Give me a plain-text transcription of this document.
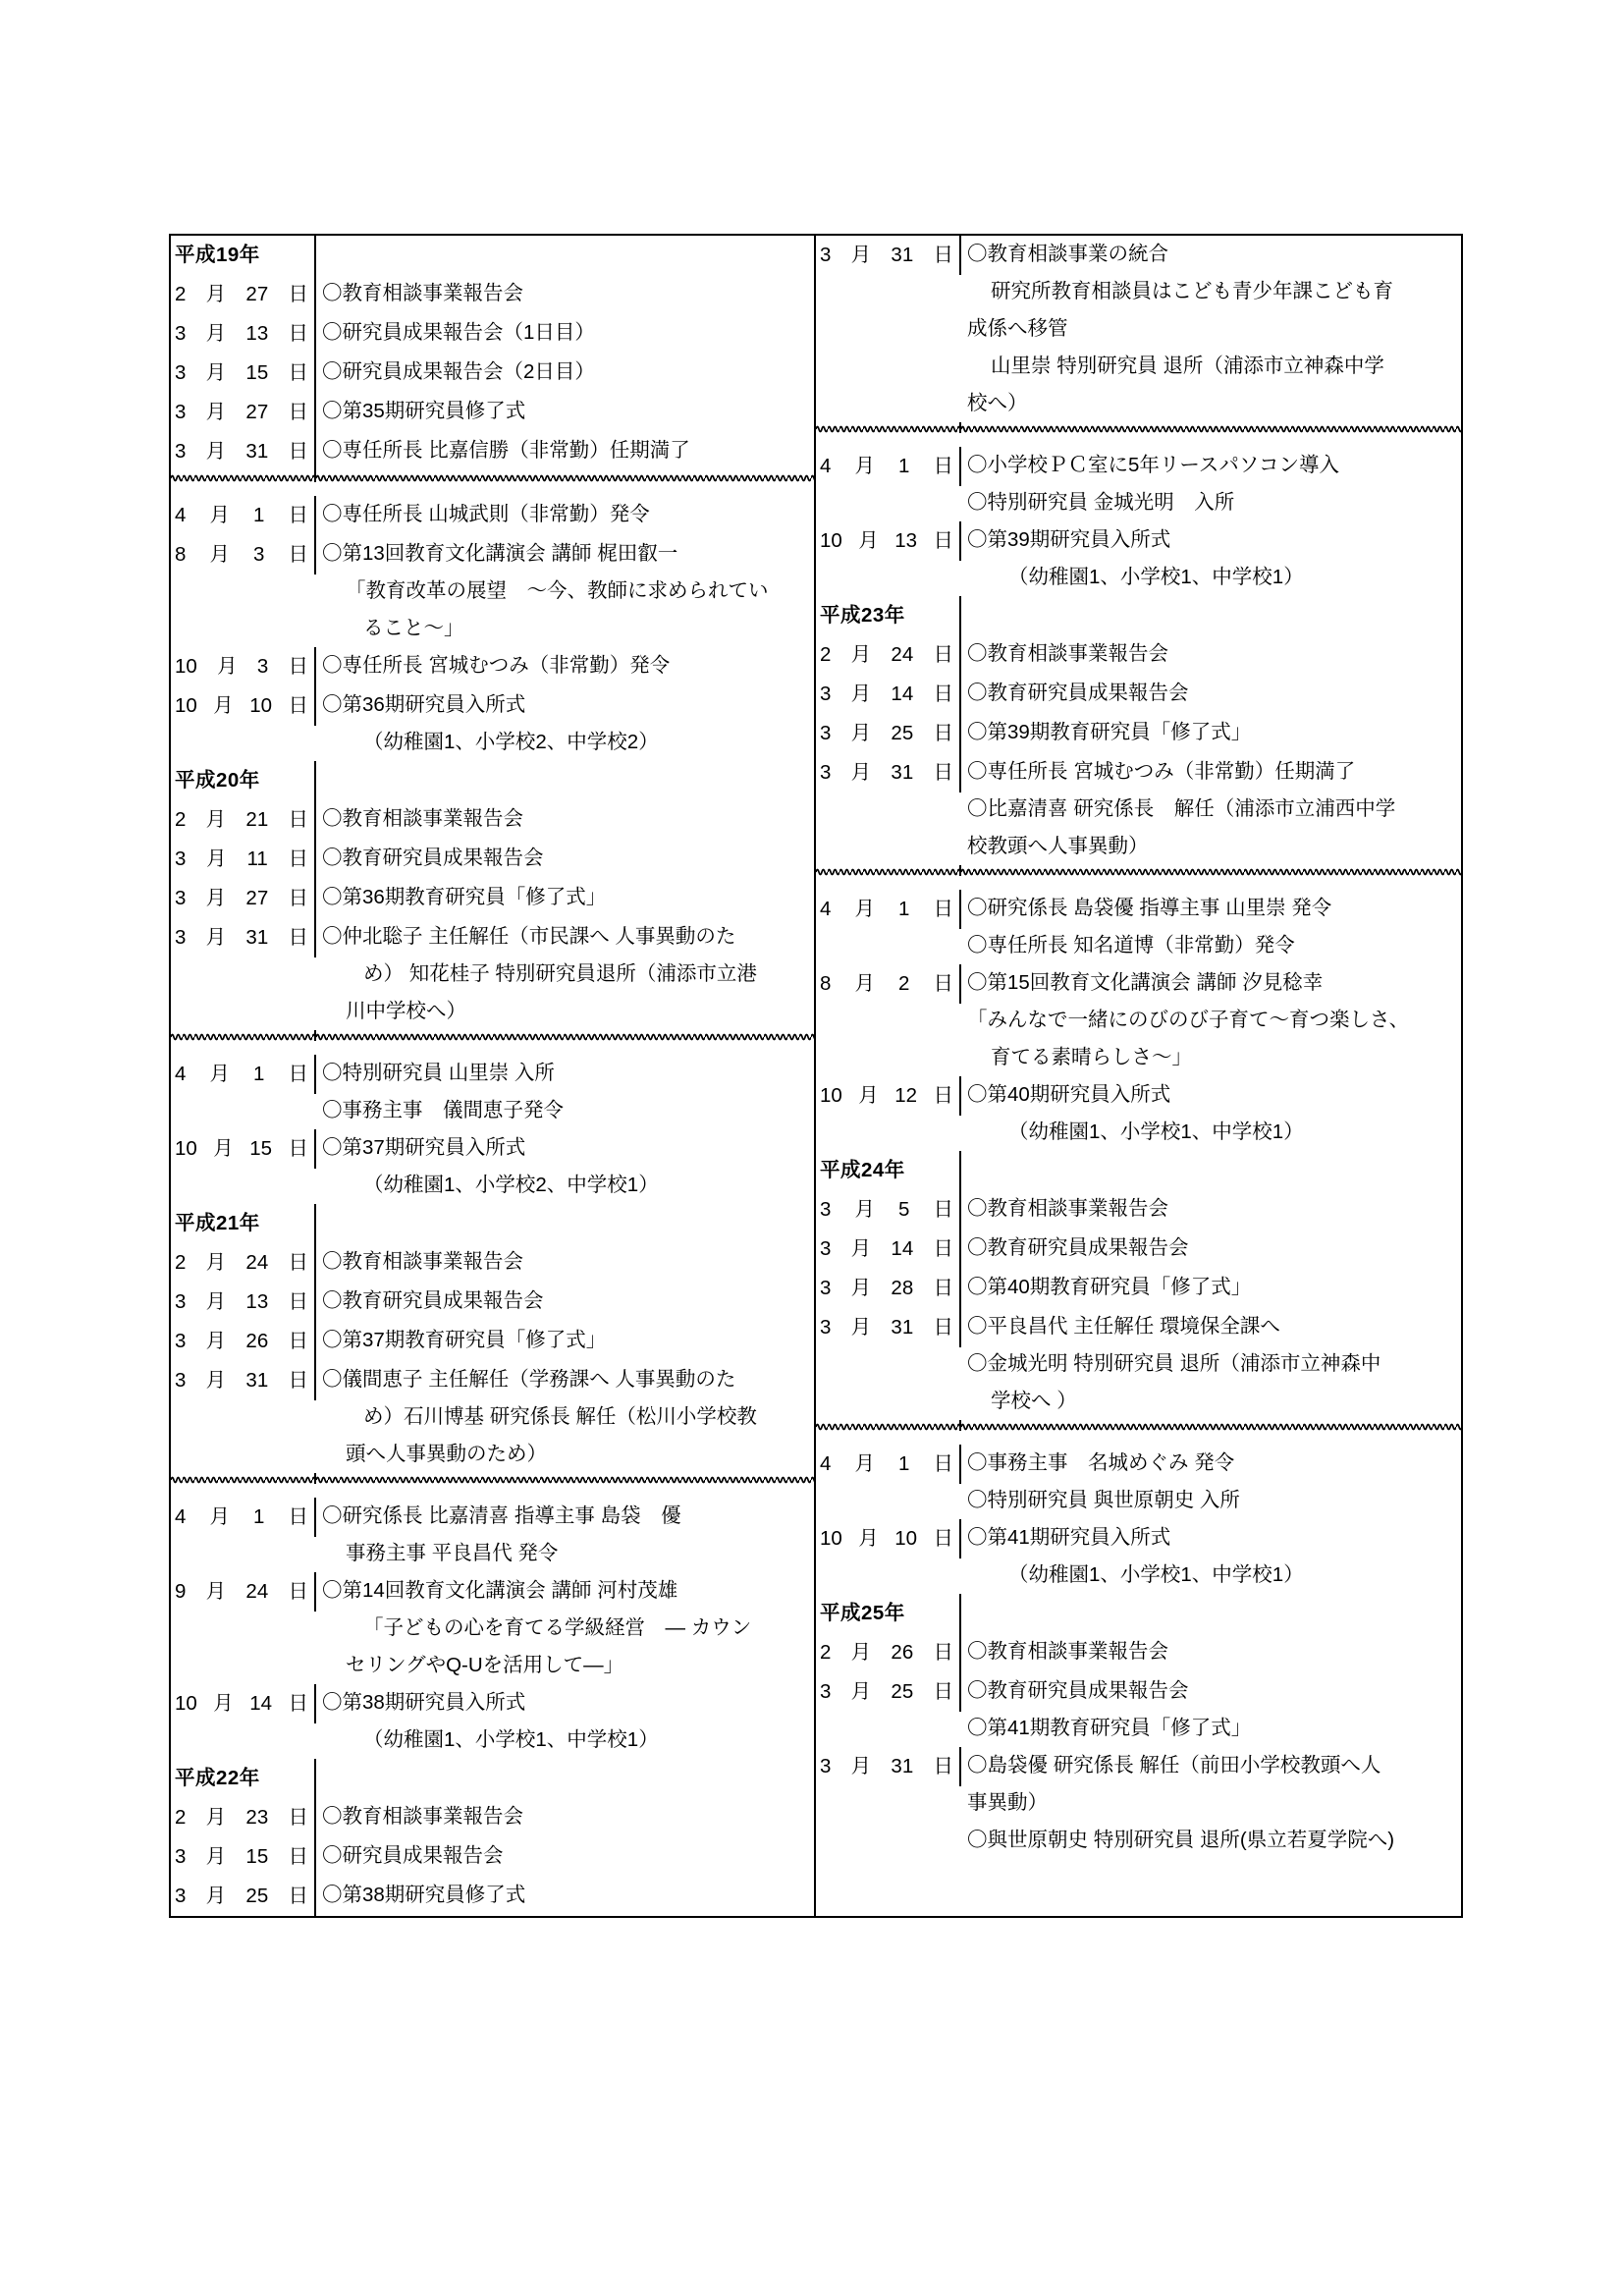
平成19年

2月27日 〇教育相談事業報告会
3月13日 〇研究員成果報告会（1日目）
3月15日 〇研究員成果報告会（2日目）
3月27日 〇第35期研究員修了式
3月31日 〇専任所長 比嘉信勝（非常勤）任期満了
4月1日 〇専任所長 山城武則（非常勤）発令
8月3日 〇第13回教育文化講演会 講師 梶田叡一
「教育改革の展望　～今、教師に求められてい
ること～」
10月3日 〇専任所長 宮城むつみ（非常勤）発令
10月10日 〇第36期研究員入所式
（幼稚園1、小学校2、中学校2）
平成20年

2月21日 〇教育相談事業報告会
3月11日 〇教育研究員成果報告会
3月27日 〇第36期教育研究員「修了式」
3月31日 〇仲北聡子 主任解任（市民課へ 人事異動のた
め） 知花桂子 特別研究員退所（浦添市立港
川中学校へ）
4月1日 〇特別研究員 山里崇 入所
〇事務主事　儀間恵子発令
10月15日 〇第37期研究員入所式
（幼稚園1、小学校2、中学校1）
平成21年

2月24日 〇教育相談事業報告会
3月13日 〇教育研究員成果報告会
3月26日 〇第37期教育研究員「修了式」
3月31日 〇儀間恵子 主任解任（学務課へ 人事異動のた
め）石川博基 研究係長 解任（松川小学校教
頭へ人事異動のため）
4月1日 〇研究係長 比嘉清喜 指導主事 島袋　優
事務主事 平良昌代 発令
9月24日 〇第14回教育文化講演会 講師 河村茂雄
「子どもの心を育てる学級経営　― カウン
セリングやQ-Uを活用して―」
10月14日 〇第38期研究員入所式
（幼稚園1、小学校1、中学校1）
平成22年

2月23日 〇教育相談事業報告会
3月15日 〇研究員成果報告会
3月25日 〇第38期研究員修了式
3月31日 〇教育相談事業の統合
研究所教育相談員はこども青少年課こども育
成係へ移管
山里崇 特別研究員 退所（浦添市立神森中学
校へ）
4月1日 〇小学校ＰＣ室に5年リースパソコン導入
〇特別研究員 金城光明　入所
10月13日 〇第39期研究員入所式
（幼稚園1、小学校1、中学校1）
平成23年

2月24日 〇教育相談事業報告会
3月14日 〇教育研究員成果報告会
3月25日 〇第39期教育研究員「修了式」
3月31日 〇専任所長 宮城むつみ（非常勤）任期満了
〇比嘉清喜 研究係長　解任（浦添市立浦西中学
校教頭へ人事異動）
4月1日 〇研究係長 島袋優 指導主事 山里崇 発令
〇専任所長 知名道博（非常勤）発令
8月2日 〇第15回教育文化講演会 講師 汐見稔幸
「みんなで一緒にのびのび子育て～育つ楽しさ、
育てる素晴らしさ～」
10月12日 〇第40期研究員入所式
（幼稚園1、小学校1、中学校1）
平成24年

3月5日 〇教育相談事業報告会
3月14日 〇教育研究員成果報告会
3月28日 〇第40期教育研究員「修了式」
3月31日 〇平良昌代 主任解任 環境保全課へ
〇金城光明 特別研究員 退所（浦添市立神森中
学校へ ）
4月1日 〇事務主事　名城めぐみ 発令
〇特別研究員 與世原朝史 入所
10月10日 〇第41期研究員入所式
（幼稚園1、小学校1、中学校1）
平成25年

2月26日 〇教育相談事業報告会
3月25日 〇教育研究員成果報告会
〇第41期教育研究員「修了式」
3月31日 〇島袋優 研究係長 解任（前田小学校教頭へ人
事異動）
〇與世原朝史 特別研究員 退所(県立若夏学院へ)
